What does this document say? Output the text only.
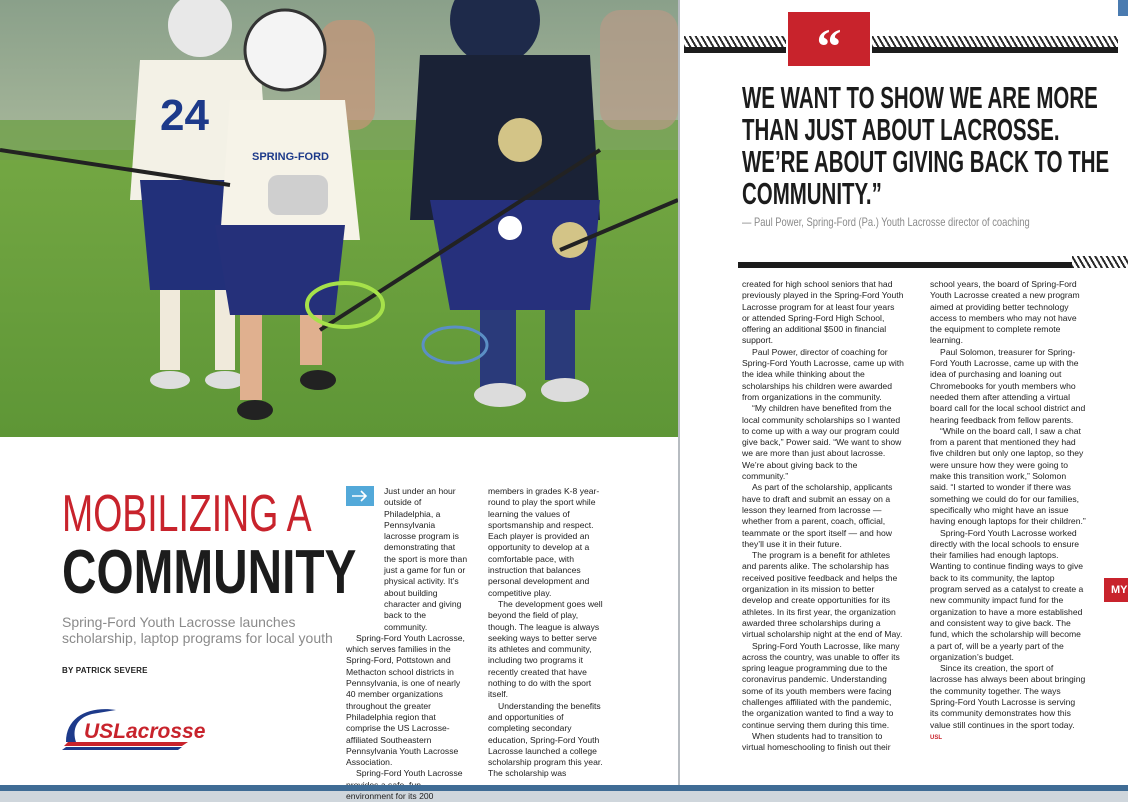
24
SPRING-FORD
MOBILIZING A
COMMUNITY
Spring-Ford Youth Lacrosse launches scholarship, laptop programs for local youth
BY PATRICK SEVERE
USLacrosse

Just under an hour outside of Philadelphia, a Pennsylvania lacrosse program is demonstrating that the sport is more than just a game for fun or physical activity. It’s about building character and giving back to the community.

Spring-Ford Youth Lacrosse, which serves families in the Spring-Ford, Pottstown and Methacton school districts in Pennsylvania, is one of nearly 40 member organizations throughout the greater Philadelphia region that comprise the US Lacrosse-affiliated Southeastern Pennsylvania Youth Lacrosse Association.

Spring-Ford Youth Lacrosse environment for its 200

members in grades K-8 year-round to play the sport while learning the values of sportsmanship and respect. Each player is provided an opportunity to develop at a comfortable pace, with instruction that balances personal development and competitive play.

The development goes well beyond the field of play, though. The league is always seeking ways to better serve its athletes and community, including two programs it recently created that have nothing to do with the sport itself.

Understanding the benefits and opportunities of completing secondary education, Spring-Ford Youth Lacrosse launched a college scholarship program this year. The scholarship was

“
WE WANT TO SHOW WE ARE MORE THAN JUST ABOUT LACROSSE. WE’RE ABOUT GIVING BACK TO THE COMMUNITY.”
— Paul Power, Spring-Ford (Pa.) Youth Lacrosse director of coaching

created for high school seniors that had previously played in the Spring-Ford Youth Lacrosse program for at least four years or attended Spring-Ford High School, offering an additional $500 in financial support.

Paul Power, director of coaching for Spring-Ford Youth Lacrosse, came up with the idea while thinking about the scholarships his children were awarded from organizations in the community.

“My children have benefited from the local community scholarships so I wanted to come up with a way our program could give back,” Power said. “We want to show we are more than just about lacrosse. We’re about giving back to the community.”

As part of the scholarship, applicants have to draft and submit an essay on a lesson they learned from lacrosse — whether from a parent, coach, official, teammate or the sport itself — and how they’ll use it in their future.

The program is a benefit for athletes and parents alike. The scholarship has received positive feedback and helps the organization in its mission to better develop and create opportunities for its athletes. In its first year, the organization awarded three scholarships during a virtual scholarship night at the end of May.

Spring-Ford Youth Lacrosse, like many across the country, was unable to offer its spring league programming due to the coronavirus pandemic. Understanding some of its youth members were facing challenges affiliated with the pandemic, the organization wanted to find a way to continue serving them during this time.

When students had to transition to virtual homeschooling to finish out their

school years, the board of Spring-Ford Youth Lacrosse created a new program aimed at providing better technology access to members who may not have the equipment to complete remote learning.

Paul Solomon, treasurer for Spring-Ford Youth Lacrosse, came up with the idea of purchasing and loaning out Chromebooks for youth members who needed them after attending a virtual board call for the local school district and hearing feedback from fellow parents.

“While on the board call, I saw a chat from a parent that mentioned they had five children but only one laptop, so they were unsure how they were going to make this transition work,” Solomon said. “I started to wonder if there was something we could do for our families, specifically who might have an issue having enough laptops for their children.”

Spring-Ford Youth Lacrosse worked directly with the local schools to ensure their families had enough laptops. Wanting to continue finding ways to give back to its community, the laptop program served as a catalyst to create a new community impact fund for the organization to have a more established and consistent way to give back. The fund, which the scholarship will become a part of, will be a yearly part of the organization’s budget.

Since its creation, the sport of lacrosse has always been about bringing the community together. The ways Spring-Ford Youth Lacrosse is serving its community demonstrates how this value still continues in the sport today. USL

MY
